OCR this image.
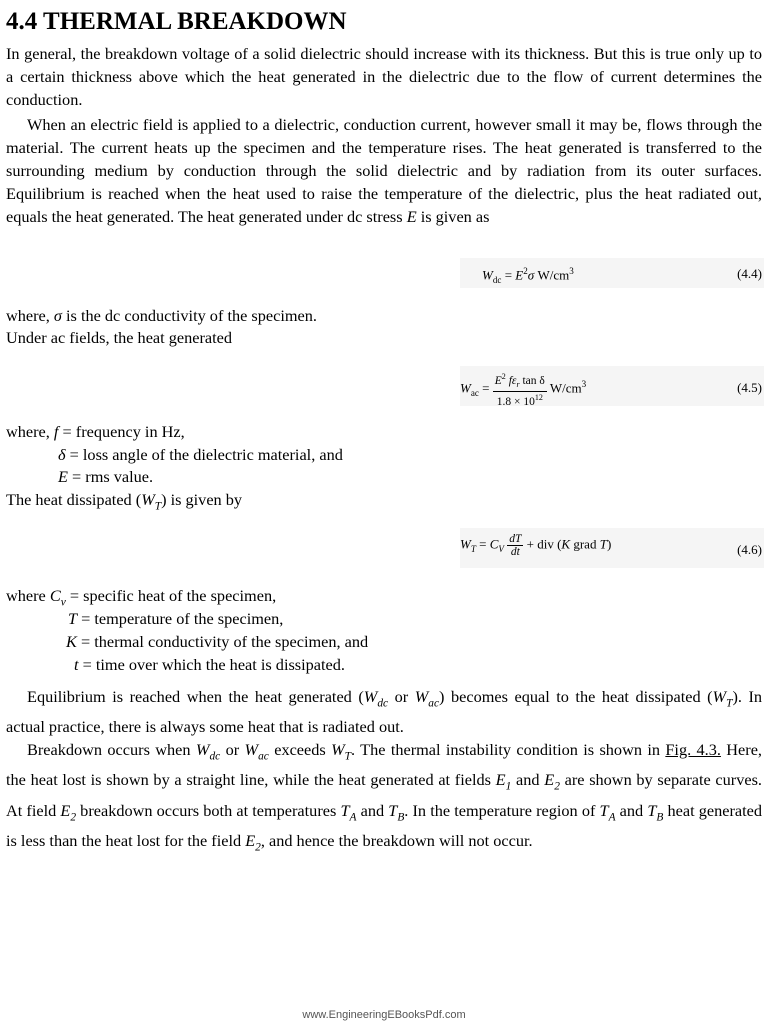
4.4 THERMAL BREAKDOWN

In general, the breakdown voltage of a solid dielectric should increase with its thickness. But this is true only up to a certain thickness above which the heat generated in the dielectric due to the flow of current determines the conduction.

When an electric field is applied to a dielectric, conduction current, however small it may be, flows through the material. The current heats up the specimen and the temperature rises. The heat generated is transferred to the surrounding medium by conduction through the solid dielectric and by radiation from its outer surfaces. Equilibrium is reached when the heat used to raise the temperature of the dielectric, plus the heat radiated out, equals the heat generated. The heat generated under dc stress E is given as

$W_{dc} = E^2\sigma$ $W/cm^3$	(4.4)
where, σ is the dc conductivity of the specimen.
Under ac fields, the heat generated
$W_{ac} = \frac{E^2 f\varepsilon_r \tan \delta}{1.8 \times 10^{12}} W/cm^3$	(4.5)
where, f = frequency in Hz,
δ = loss angle of the dielectric material, and
E = rms value.
The heat dissipated $(W_T)$ is given by
$W_T = C_V \frac{dT}{dt}$ + div (K grad T)	(4.6)
where $C_v$ = specific heat of the specimen,
T = temperature of the specimen,
K = thermal conductivity of the specimen, and
t = time over which the heat is dissipated.

Equilibrium is reached when the heat generated ($W_{dc}$ or $W_{ac}$) becomes equal to the heat dissipated $(W_T)$. In actual practice, there is always some heat that is radiated out.

Breakdown occurs when $W_{dc}$ or $W_{ac}$ exceeds $W_T$. The thermal instability condition is shown in Fig. 4.3. Here, the heat lost is shown by a straight line, while the heat generated at fields $E_1$ and $E_2$ are shown by separate curves. At field $E_2$ breakdown occurs both at temperatures $T_A$ and $T_B$. In the temperature region of $T_A$ and $T_B$ heat generated is less than the heat lost for the field $E_2$, and hence the breakdown will not occur.

www.EngineeringEBooksPdf.com
